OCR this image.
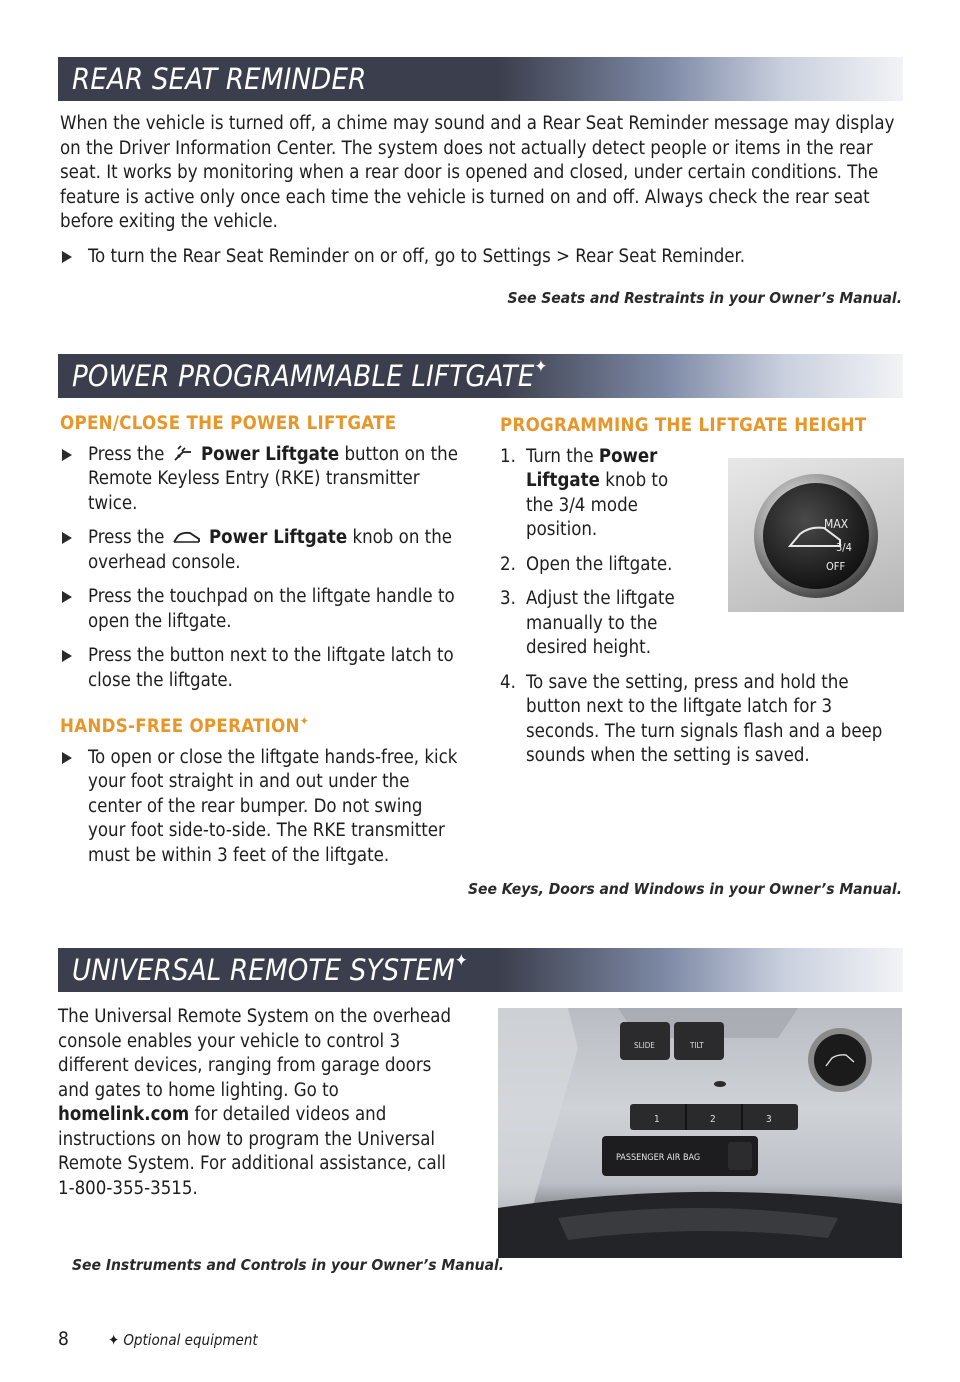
REAR SEAT REMINDER
When the vehicle is turned off, a chime may sound and a Rear Seat Reminder message may display on the Driver Information Center. The system does not actually detect people or items in the rear seat. It works by monitoring when a rear door is opened and closed, under certain conditions. The feature is active only once each time the vehicle is turned on and off. Always check the rear seat before exiting the vehicle.
To turn the Rear Seat Reminder on or off, go to Settings > Rear Seat Reminder.
See Seats and Restraints in your Owner’s Manual.
POWER PROGRAMMABLE LIFTGATE✦
OPEN/CLOSE THE POWER LIFTGATE
Press the Power Liftgate button on the Remote Keyless Entry (RKE) transmitter twice.
Press the Power Liftgate knob on the overhead console.
Press the touchpad on the liftgate handle to open the liftgate.
Press the button next to the liftgate latch to close the liftgate.
HANDS-FREE OPERATION✦
To open or close the liftgate hands-free, kick your foot straight in and out under the center of the rear bumper. Do not swing your foot side-to-side. The RKE transmitter must be within 3 feet of the liftgate.
PROGRAMMING THE LIFTGATE HEIGHT
1. Turn the Power Liftgate knob to the 3/4 mode position.
2. Open the liftgate.
3. Adjust the liftgate manually to the desired height.
4. To save the setting, press and hold the button next to the liftgate latch for 3 seconds. The turn signals flash and a beep sounds when the setting is saved.
MAX
3/4
OFF
See Keys, Doors and Windows in your Owner’s Manual.
UNIVERSAL REMOTE SYSTEM✦
The Universal Remote System on the overhead console enables your vehicle to control 3 different devices, ranging from garage doors and gates to home lighting. Go to homelink.com for detailed videos and instructions on how to program the Universal Remote System. For additional assistance, call 1-800-355-3515.
SLIDE	TILT
1	2	3
PASSENGER AIR BAG
See Instruments and Controls in your Owner’s Manual.
8	✦ Optional equipment
